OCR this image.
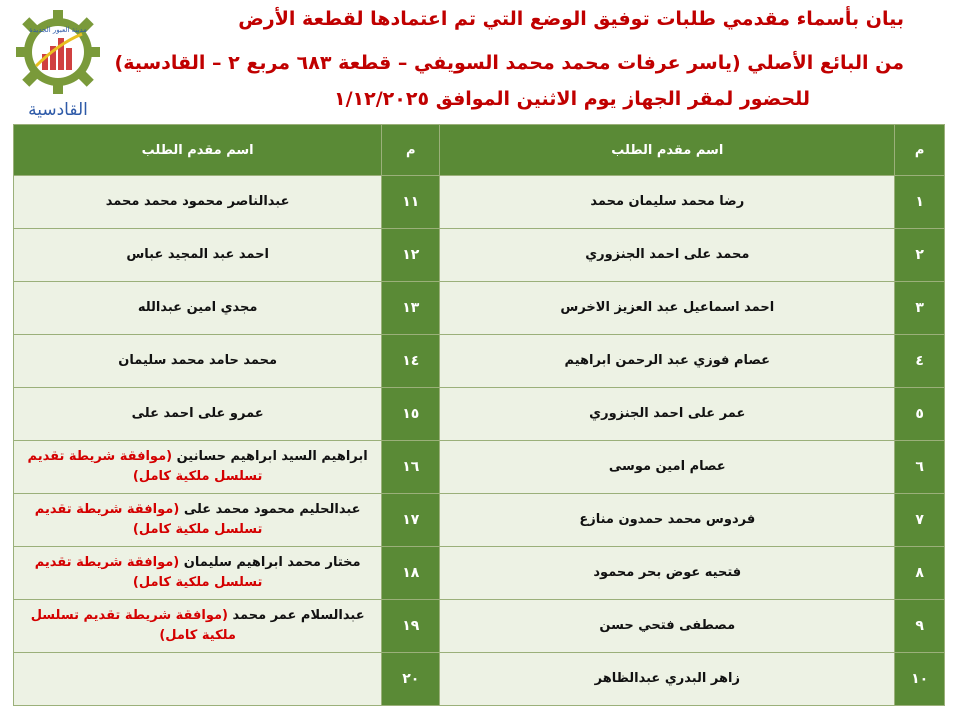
بيان بأسماء مقدمي طلبات توفيق الوضع التي تم اعتمادها لقطعة الأرض
من البائع الأصلي (ياسر عرفات محمد محمد السويفي – قطعة ٦٨٣ مربع ٢ – القادسية)
للحضور لمقر الجهاز يوم الاثنين الموافق ١/١٢/٢٠٢٥
مدينة العبور الجديدة
القادسية
م	اسم مقدم الطلب	م	اسم مقدم الطلب
١	رضا محمد سليمان محمد	١١	عبدالناصر محمود محمد محمد
٢	محمد على احمد الجنزوري	١٢	احمد عبد المجيد عباس
٣	احمد اسماعيل عبد العزيز الاخرس	١٣	مجدي امين عبدالله
٤	عصام فوزي عبد الرحمن ابراهيم	١٤	محمد حامد محمد سليمان
٥	عمر على احمد الجنزوري	١٥	عمرو على احمد على
٦	عصام امين موسى	١٦	ابراهيم السيد ابراهيم حسانين (موافقة شريطة تقديم تسلسل ملكية كامل)
٧	فردوس محمد حمدون منازع	١٧	عبدالحليم محمود محمد على (موافقة شريطة تقديم تسلسل ملكية كامل)
٨	فتحيه عوض بحر محمود	١٨	مختار محمد ابراهيم سليمان (موافقة شريطة تقديم تسلسل ملكية كامل)
٩	مصطفى فتحي حسن	١٩	عبدالسلام عمر محمد (موافقة شريطة تقديم تسلسل ملكية كامل)
١٠	زاهر البدري عبدالظاهر	٢٠	
